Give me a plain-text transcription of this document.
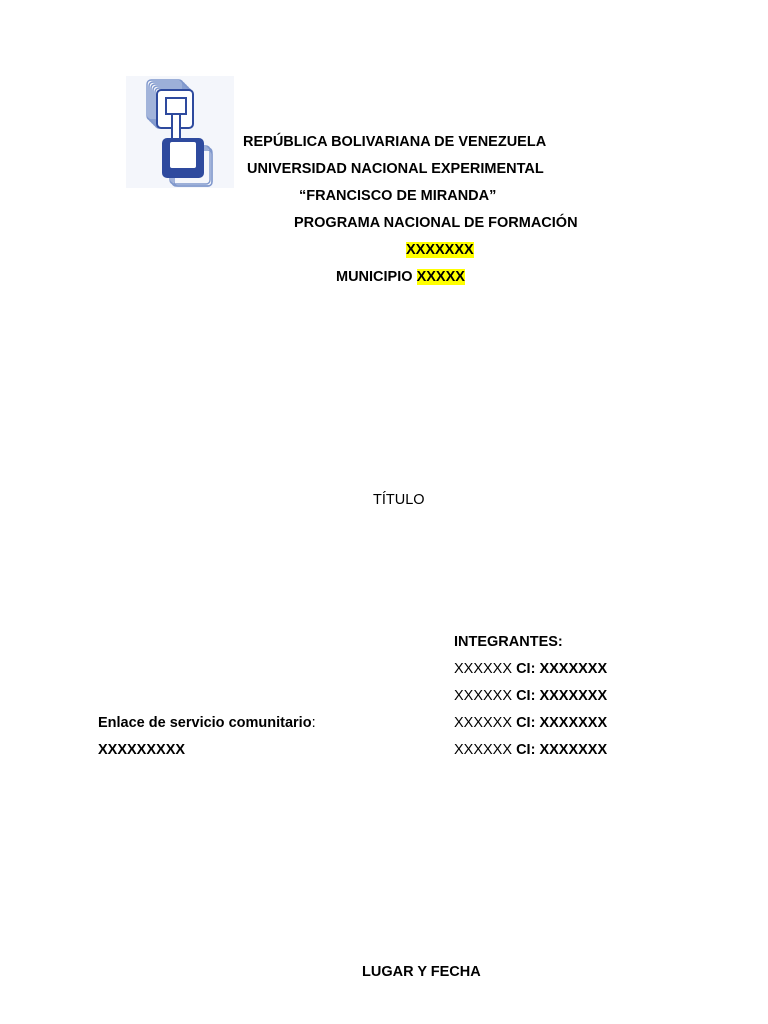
REPÚBLICA BOLIVARIANA DE VENEZUELA
UNIVERSIDAD NACIONAL EXPERIMENTAL
“FRANCISCO DE MIRANDA”
PROGRAMA NACIONAL DE FORMACIÓN
XXXXXXX
MUNICIPIO XXXXX
TÍTULO
INTEGRANTES:
XXXXXX CI: XXXXXXX
XXXXXX CI: XXXXXXX
XXXXXX CI: XXXXXXX
XXXXXX CI: XXXXXXX
Enlace de servicio comunitario:
XXXXXXXXX
LUGAR Y FECHA
